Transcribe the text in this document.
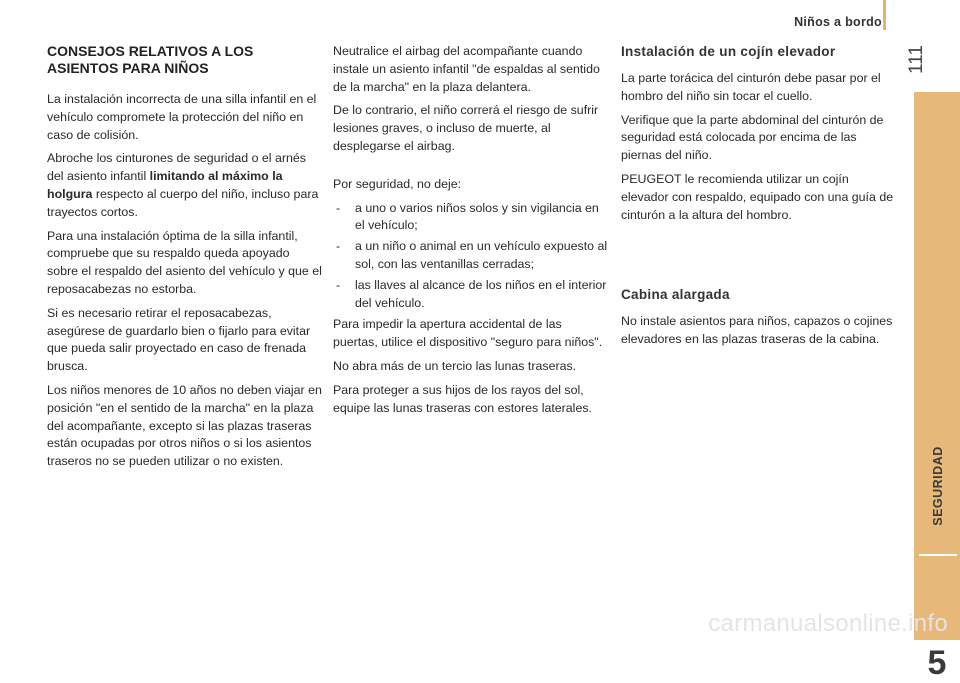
Niños a bordo
111
SEGURIDAD
5
CONSEJOS RELATIVOS A LOS ASIENTOS PARA NIÑOS

La instalación incorrecta de una silla infantil en el vehículo compromete la protección del niño en caso de colisión.

Abroche los cinturones de seguridad o el arnés del asiento infantil limitando al máximo la holgura respecto al cuerpo del niño, incluso para trayectos cortos.

Para una instalación óptima de la silla infantil, compruebe que su respaldo queda apoyado sobre el respaldo del asiento del vehículo y que el reposacabezas no estorba.

Si es necesario retirar el reposacabezas, asegúrese de guardarlo bien o fijarlo para evitar que pueda salir proyectado en caso de frenada brusca.

Los niños menores de 10 años no deben viajar en posición "en el sentido de la marcha" en la plaza del acompañante, excepto si las plazas traseras están ocupadas por otros niños o si los asientos traseros no se pueden utilizar o no existen.

Neutralice el airbag del acompañante cuando instale un asiento infantil "de espaldas al sentido de la marcha" en la plaza delantera.

De lo contrario, el niño correrá el riesgo de sufrir lesiones graves, o incluso de muerte, al desplegarse el airbag.

Por seguridad, no deje:

- a uno o varios niños solos y sin vigilancia en el vehículo;
- a un niño o animal en un vehículo expuesto al sol, con las ventanillas cerradas;
- las llaves al alcance de los niños en el interior del vehículo.

Para impedir la apertura accidental de las puertas, utilice el dispositivo "seguro para niños".

No abra más de un tercio las lunas traseras.

Para proteger a sus hijos de los rayos del sol, equipe las lunas traseras con estores laterales.

Instalación de un cojín elevador

La parte torácica del cinturón debe pasar por el hombro del niño sin tocar el cuello.

Verifique que la parte abdominal del cinturón de seguridad está colocada por encima de las piernas del niño.

PEUGEOT le recomienda utilizar un cojín elevador con respaldo, equipado con una guía de cinturón a la altura del hombro.

Cabina alargada

No instale asientos para niños, capazos o cojines elevadores en las plazas traseras de la cabina.

carmanualsonline.info
